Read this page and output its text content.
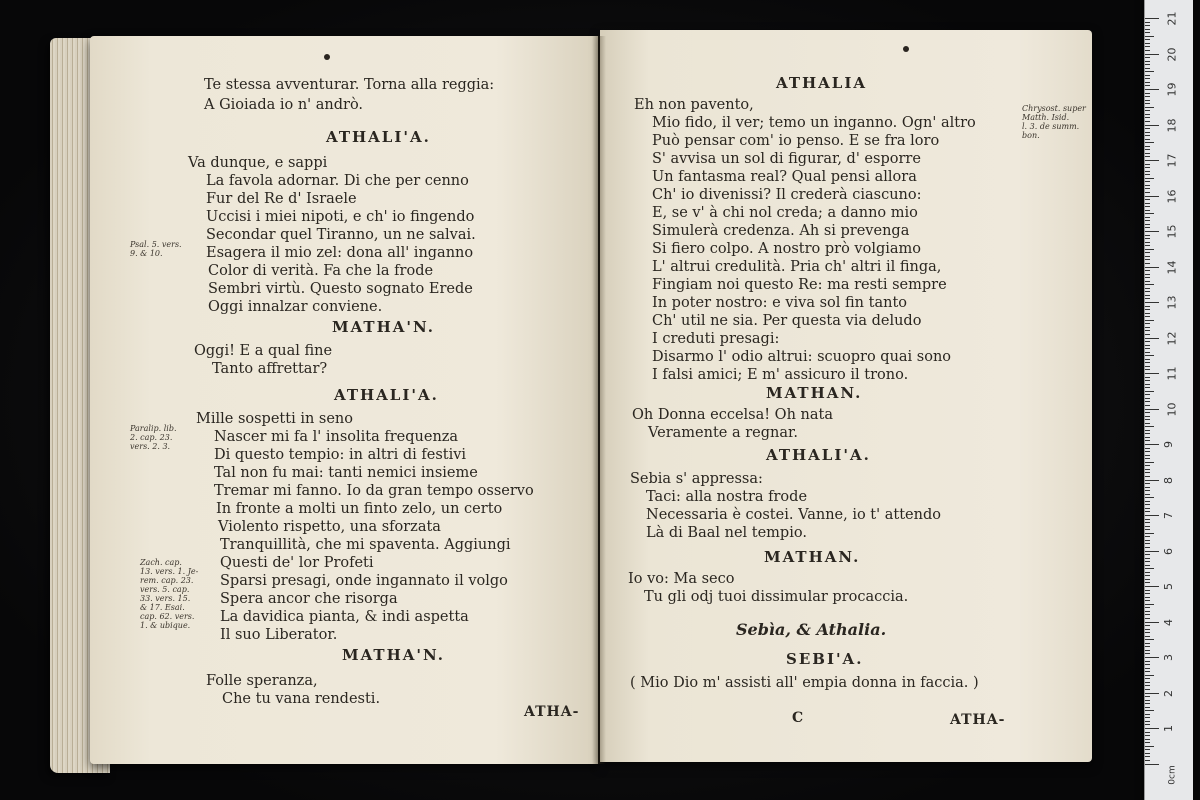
Te stessa avventurar. Torna alla reggia:

A Gioiada io n' andrò.

ATHALI'A.

Va dunque, e sappi

La favola adornar. Di che per cenno

Fur del Re d' Israele

Uccisi i miei nipoti, e ch' io fingendo

Secondar quel Tiranno, un ne salvai.

Esagera il mio zel: dona all' inganno

Color di verità. Fa che la frode

Sembri virtù. Questo sognato Erede

Oggi innalzar conviene.

MATHA'N.

Oggi! E a qual fine

Tanto affrettar?

ATHALI'A.

Mille sospetti in seno

Nascer mi fa l' insolita frequenza

Di questo tempio: in altri di festivi

Tal non fu mai: tanti nemici insieme

Tremar mi fanno. Io da gran tempo osservo

In fronte a molti un finto zelo, un certo

Violento rispetto, una sforzata

Tranquillità, che mi spaventa. Aggiungi

Questi de' lor Profeti

Sparsi presagi, onde ingannato il volgo

Spera ancor che risorga

La davidica pianta, & indi aspetta

Il suo Liberator.

MATHA'N.

Folle speranza,

Che tu vana rendesti.

ATHA-

Psal. 5. vers.
9. & 10.

Paralip. lib.
2. cap. 23.
vers. 2. 3.

Zach. cap.
13. vers. 1. Je-
rem. cap. 23.
vers. 5. cap.
33. vers. 15.
& 17. Esai.
cap. 62. vers.
1. & ubique.

ATHALIA

Eh non pavento,

Mio fido, il ver; temo un inganno. Ogn' altro

Può pensar com' io penso. E se fra loro

S' avvisa un sol di figurar, d' esporre

Un fantasma real? Qual pensi allora

Ch' io divenissi? Il crederà ciascuno:

E, se v' à chi nol creda; a danno mio

Simulerà credenza. Ah si prevenga

Si fiero colpo. A nostro prò volgiamo

L' altrui credulità. Pria ch' altri il finga,

Fingiam noi questo Re: ma resti sempre

In poter nostro: e viva sol fin tanto

Ch' util ne sia. Per questa via deludo

I creduti presagi:

Disarmo l' odio altrui: scuopro quai sono

I falsi amici; E m' assicuro il trono.

MATHAN.

Oh Donna eccelsa! Oh nata

Veramente a regnar.

ATHALI'A.

Sebia s' appressa:

Taci: alla nostra frode

Necessaria è costei. Vanne, io t' attendo

Là di Baal nel tempio.

MATHAN.

Io vo: Ma seco

Tu gli odj tuoi dissimular procaccia.

Sebìa, & Athalia.

SEBI'A.

( Mio Dio m' assisti all' empia donna in faccia. )

C	ATHA-

Chrysost. super
Matth. Isid.
l. 3. de summ.
bon.

21
20
19
18
17
16
15
14
13
12
11
10
9
8
7
6
5
4
3
2
1
0cm
